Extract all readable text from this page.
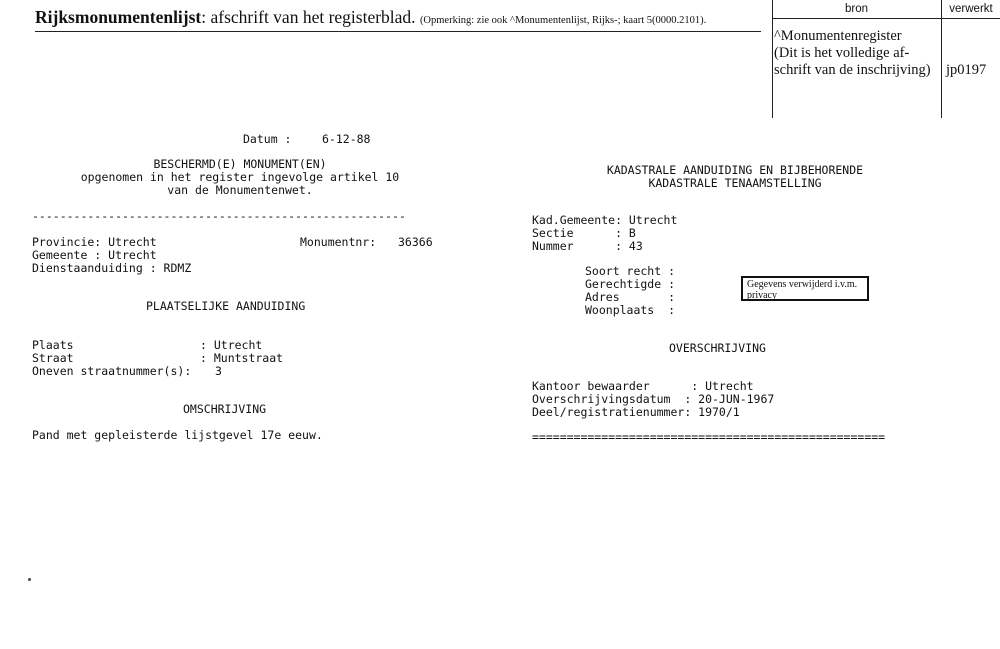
Rijksmonumentenlijst: afschrift van het registerblad. (Opmerking: zie ook ^Monumentenlijst, Rijks-; kaart 5(0000.2101).
bron	verwerkt
^Monumentenregister
(Dit is het volledige af-
schrift van de inschrijving)	jp0197
Datum :	6-12-88
BESCHERMD(E) MONUMENT(EN)
opgenomen in het register ingevolge artikel 10
van de Monumentenwet.
------------------------------------------------------
Provincie: Utrecht	Monumentnr: 36366
Gemeente : Utrecht
Dienstaanduiding : RDMZ
PLAATSELIJKE AANDUIDING
Plaats	: Utrecht
Straat	: Muntstraat
Oneven straatnummer(s): 3
OMSCHRIJVING
Pand met gepleisterde lijstgevel 17e eeuw.
KADASTRALE AANDUIDING EN BIJBEHORENDE
KADASTRALE TENAAMSTELLING
Kad.Gemeente: Utrecht
Sectie      : B
Nummer      : 43
Soort recht :
Gerechtigde :
Adres       :
Woonplaats  :
OVERSCHRIJVING
Kantoor bewaarder      : Utrecht
Overschrijvingsdatum  : 20-JUN-1967
Deel/registratienummer: 1970/1
===================================================
Gegevens verwijderd i.v.m. privacy
